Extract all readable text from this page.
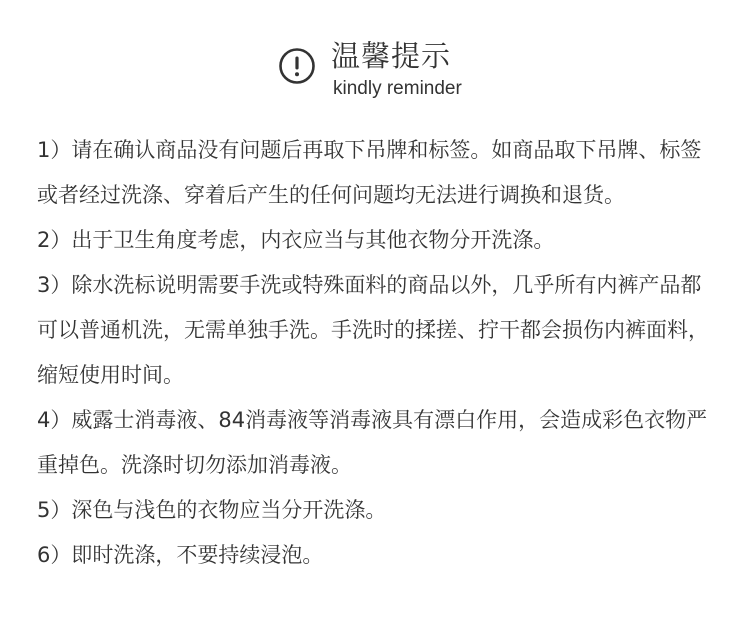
温馨提示
kindly reminder
1）请在确认商品没有问题后再取下吊牌和标签。如商品取下吊牌、标签或者经过洗涤、穿着后产生的任何问题均无法进行调换和退货。
2）出于卫生角度考虑，内衣应当与其他衣物分开洗涤。
3）除水洗标说明需要手洗或特殊面料的商品以外，几乎所有内裤产品都可以普通机洗，无需单独手洗。手洗时的揉搓、拧干都会损伤内裤面料，缩短使用时间。
4）威露士消毒液、84消毒液等消毒液具有漂白作用，会造成彩色衣物严重掉色。洗涤时切勿添加消毒液。
5）深色与浅色的衣物应当分开洗涤。
6）即时洗涤，不要持续浸泡。
